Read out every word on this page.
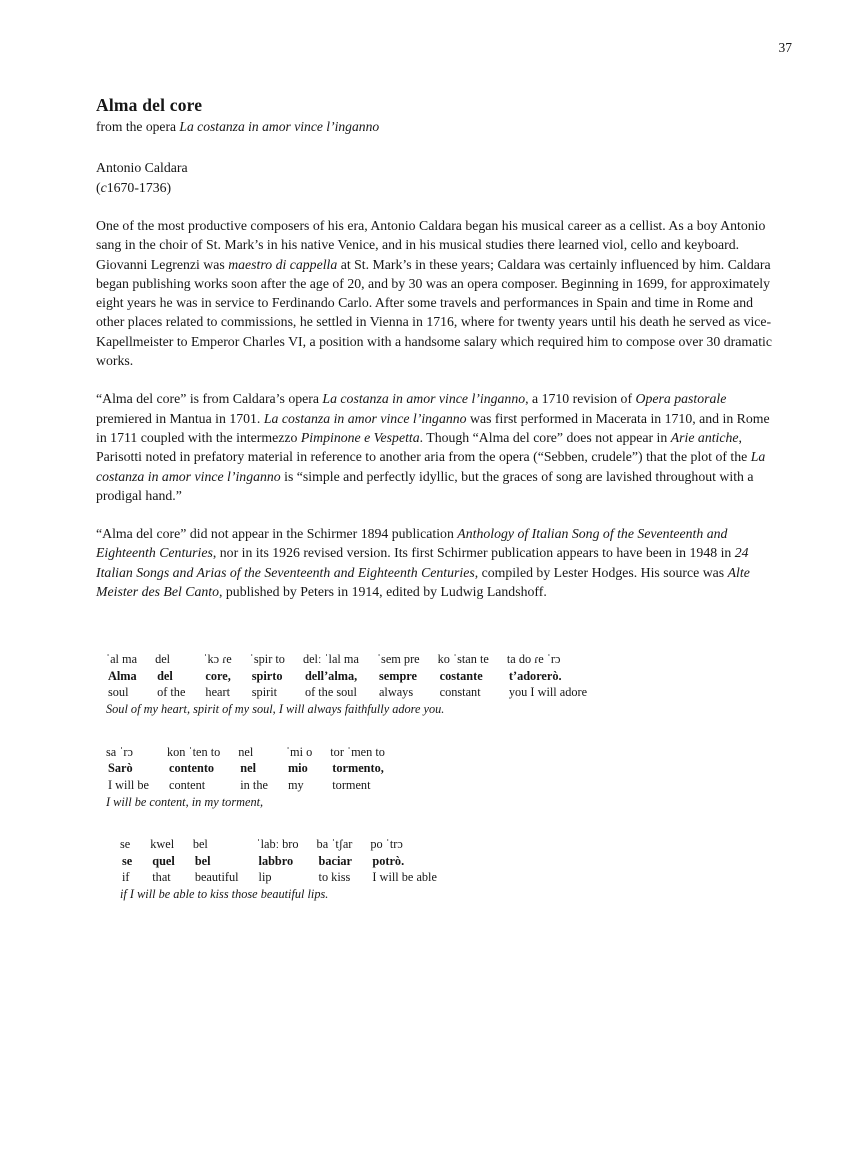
37
Alma del core

from the opera La costanza in amor vince l’inganno

Antonio Caldara
(c1670-1736)

One of the most productive composers of his era, Antonio Caldara began his musical career as a cellist. As a boy Antonio sang in the choir of St. Mark’s in his native Venice, and in his musical studies there learned viol, cello and keyboard. Giovanni Legrenzi was maestro di cappella at St. Mark’s in these years; Caldara was certainly influenced by him. Caldara began publishing works soon after the age of 20, and by 30 was an opera composer. Beginning in 1699, for approximately eight years he was in service to Ferdinando Carlo. After some travels and performances in Spain and time in Rome and other places related to commissions, he settled in Vienna in 1716, where for twenty years until his death he served as vice-Kapellmeister to Emperor Charles VI, a position with a handsome salary which required him to compose over 30 dramatic works.

“Alma del core” is from Caldara’s opera La costanza in amor vince l’inganno, a 1710 revision of Opera pastorale premiered in Mantua in 1701. La costanza in amor vince l’inganno was first performed in Macerata in 1710, and in Rome in 1711 coupled with the intermezzo Pimpinone e Vespetta. Though “Alma del core” does not appear in Arie antiche, Parisotti noted in prefatory material in reference to another aria from the opera (“Sebben, crudele”) that the plot of the La costanza in amor vince l’inganno is “simple and perfectly idyllic, but the graces of song are lavished throughout with a prodigal hand.”

“Alma del core” did not appear in the Schirmer 1894 publication Anthology of Italian Song of the Seventeenth and Eighteenth Centuries, nor in its 1926 revised version. Its first Schirmer publication appears to have been in 1948 in 24 Italian Songs and Arias of the Seventeenth and Eighteenth Centuries, compiled by Lester Hodges. His source was Alte Meister des Bel Canto, published by Peters in 1914, edited by Ludwig Landshoff.

ˈal ma
Alma
soul
del
del
of the
ˈkɔ ɾe
core,
heart
ˈspir to
spirto
spirit
delː ˈlal ma
dell’alma,
of the soul
ˈsem pre
sempre
always
ko ˈstan te
costante
constant
ta do ɾe ˈrɔ
t’adorerò.
you I will adore
Soul of my heart, spirit of my soul, I will always faithfully adore you.
sa ˈrɔ
Sarò
I will be
kon ˈten to
contento
content
nel
nel
in the
ˈmi o
mio
my
tor ˈmen to
tormento,
torment
I will be content, in my torment,
se
se
if
kwel
quel
that
bel
bel
beautiful
ˈlabː bro
labbro
lip
ba ˈtʃar
baciar
to kiss
po ˈtrɔ
potrò.
I will be able
if I will be able to kiss those beautiful lips.
